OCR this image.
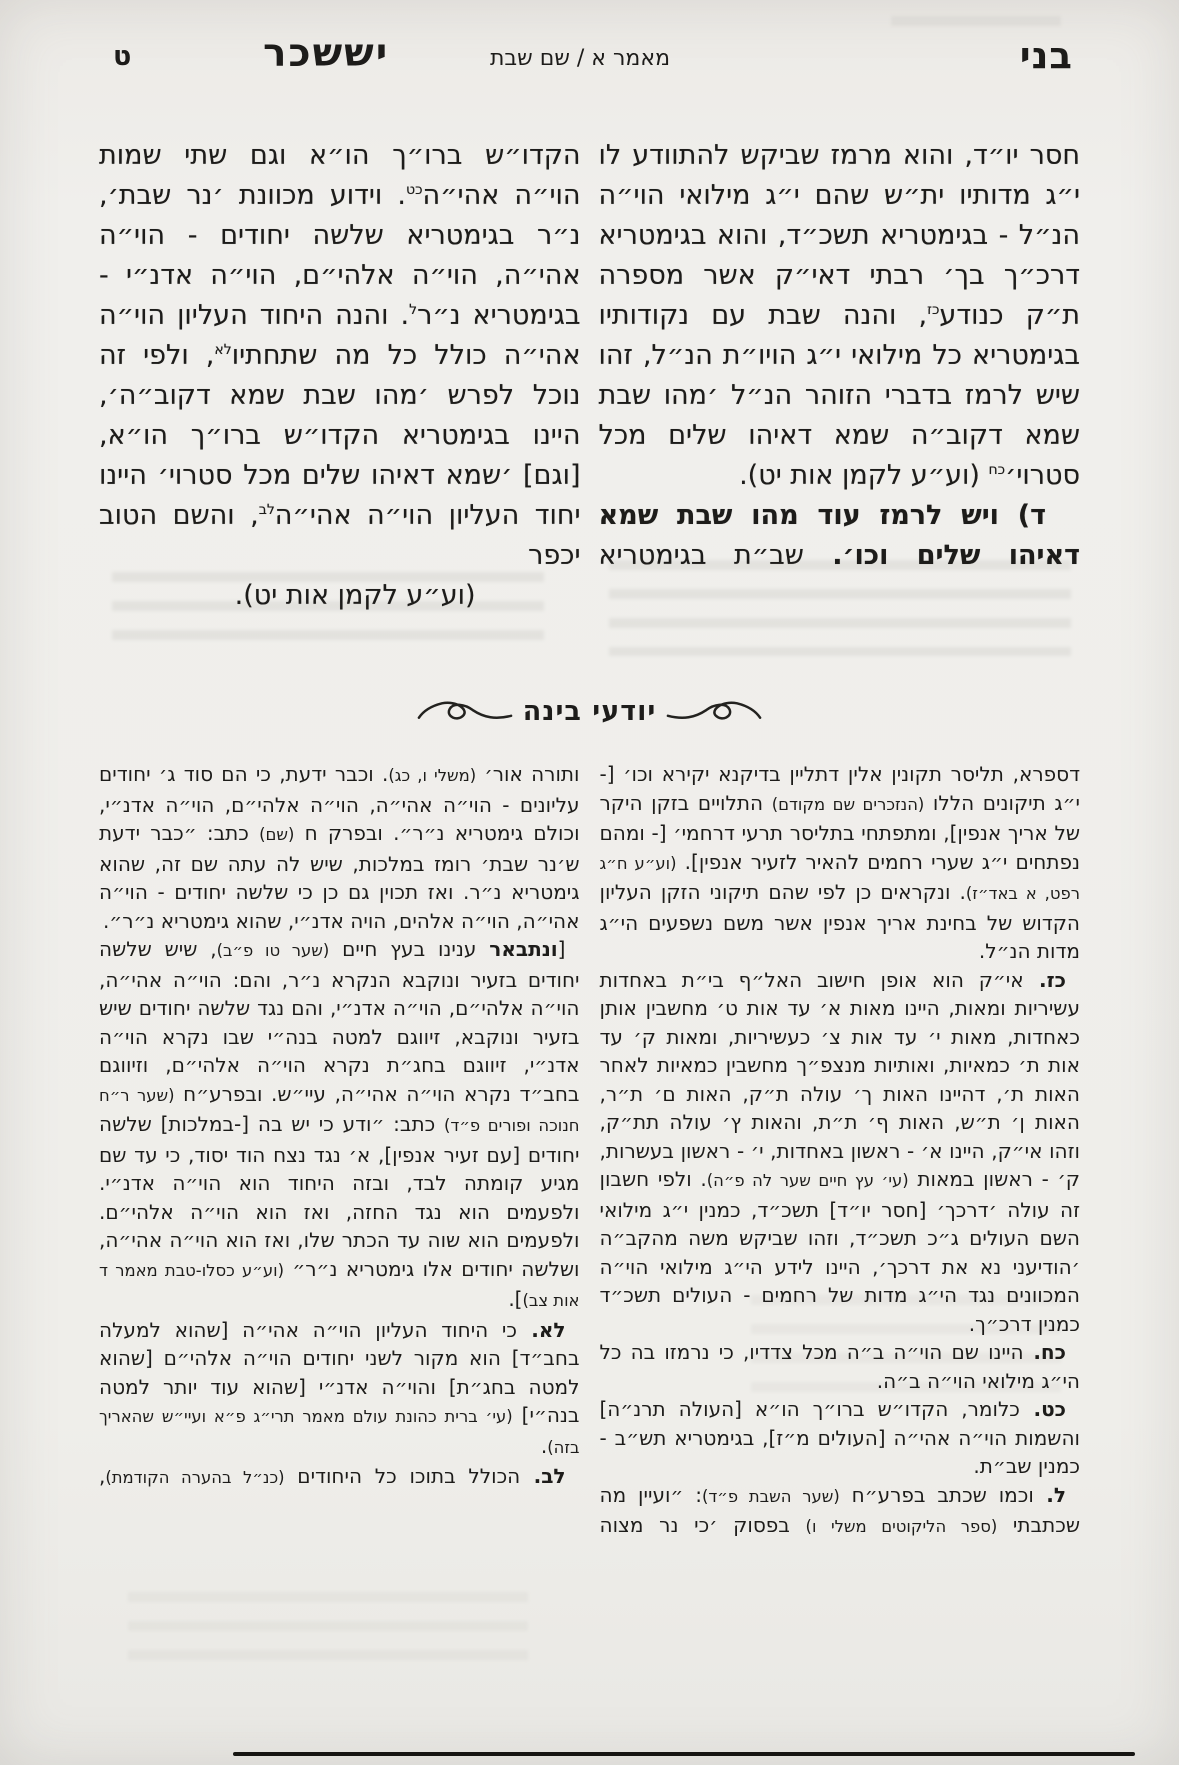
בני
מאמר א / שם שבת
יששכר
ט

חסר יו״ד, והוא מרמז שביקש להתוודע לו י״ג מדותיו ית״ש שהם י״ג מילואי הוי״ה הנ״ל - בגימטריא תשכ״ד, והוא בגימטריא דרכ״ך בך׳ רבתי דאי״ק אשר מספרה ת״ק כנודע$^{כז}$, והנה שבת עם נקודותיו בגימטריא כל מילואי י״ג הויו״ת הנ״ל, זהו שיש לרמז בדברי הזוהר הנ״ל ׳מהו שבת שמא דקוב״ה שמא דאיהו שלים מכל סטרוי׳$^{כח}$ (וע״ע לקמן אות יט).

ד) ויש לרמז עוד מהו שבת שמא דאיהו שלים וכו׳. שב״ת בגימטריא

הקדו״ש ברו״ך הו״א וגם שתי שמות הוי״ה אהי״ה$^{כט}$. וידוע מכוונת ׳נר שבת׳, נ״ר בגימטריא שלשה יחודים - הוי״ה אהי״ה, הוי״ה אלהי״ם, הוי״ה אדנ״י - בגימטריא נ״ר$^ל$. והנה היחוד העליון הוי״ה אהי״ה כולל כל מה שתחתיו$^{לא}$, ולפי זה נוכל לפרש ׳מהו שבת שמא דקוב״ה׳, היינו בגימטריא הקדו״ש ברו״ך הו״א, [וגם] ׳שמא דאיהו שלים מכל סטרוי׳ היינו יחוד העליון הוי״ה אהי״ה$^{לב}$, והשם הטוב יכפר

(וע״ע לקמן אות יט).

יודעי בינה

דספרא, תליסר תקונין אלין דתליין בדיקנא יקירא וכו׳ [- י״ג תיקונים הללו (הנזכרים שם מקודם) התלויים בזקן היקר של אריך אנפין], ומתפתחי בתליסר תרעי דרחמי׳ [- ומהם נפתחים י״ג שערי רחמים להאיר לזעיר אנפין]. (וע״ע ח״ג רפט, א באד״ז). ונקראים כן לפי שהם תיקוני הזקן העליון הקדוש של בחינת אריך אנפין אשר משם נשפעים הי״ג מדות הנ״ל.

כז. אי״ק הוא אופן חישוב האל״ף בי״ת באחדות עשיריות ומאות, היינו מאות א׳ עד אות ט׳ מחשבין אותן כאחדות, מאות י׳ עד אות צ׳ כעשיריות, ומאות ק׳ עד אות ת׳ כמאיות, ואותיות מנצפ״ך מחשבין כמאיות לאחר האות ת׳, דהיינו האות ך׳ עולה ת״ק, האות ם׳ ת״ר, האות ן׳ ת״ש, האות ף׳ ת״ת, והאות ץ׳ עולה תת״ק, וזהו אי״ק, היינו א׳ - ראשון באחדות, י׳ - ראשון בעשרות, ק׳ - ראשון במאות (עי׳ עץ חיים שער לה פ״ה). ולפי חשבון זה עולה ׳דרכך׳ [חסר יו״ד] תשכ״ד, כמנין י״ג מילואי השם העולים ג״כ תשכ״ד, וזהו שביקש משה מהקב״ה ׳הודיעני נא את דרכך׳, היינו לידע הי״ג מילואי הוי״ה המכוונים נגד הי״ג מדות של רחמים - העולים תשכ״ד כמנין דרכ״ך.

כח. היינו שם הוי״ה ב״ה מכל צדדיו, כי נרמזו בה כל הי״ג מילואי הוי״ה ב״ה.

כט. כלומר, הקדו״ש ברו״ך הו״א [העולה תרנ״ה] והשמות הוי״ה אהי״ה [העולים מ״ז], בגימטריא תש״ב - כמנין שב״ת.

ל. וכמו שכתב בפרע״ח (שער השבת פ״ד): ״ועיין מה שכתבתי (ספר הליקוטים משלי ו) בפסוק ׳כי נר מצוה

ותורה אור׳ (משלי ו, כג). וכבר ידעת, כי הם סוד ג׳ יחודים עליונים - הוי״ה אהי״ה, הוי״ה אלהי״ם, הוי״ה אדנ״י, וכולם גימטריא נ״ר״. ובפרק ח (שם) כתב: ״כבר ידעת ש׳נר שבת׳ רומז במלכות, שיש לה עתה שם זה, שהוא גימטריא נ״ר. ואז תכוין גם כן כי שלשה יחודים - הוי״ה אהי״ה, הוי״ה אלהים, הויה אדנ״י, שהוא גימטריא נ״ר״.

[ונתבאר ענינו בעץ חיים (שער טו פ״ב), שיש שלשה יחודים בזעיר ונוקבא הנקרא נ״ר, והם: הוי״ה אהי״ה, הוי״ה אלהי״ם, הוי״ה אדנ״י, והם נגד שלשה יחודים שיש בזעיר ונוקבא, זיווגם למטה בנה״י שבו נקרא הוי״ה אדנ״י, זיווגם בחג״ת נקרא הוי״ה אלהי״ם, וזיווגם בחב״ד נקרא הוי״ה אהי״ה, עיי״ש. ובפרע״ח (שער ר״ח חנוכה ופורים פ״ד) כתב: ״ודע כי יש בה [-במלכות] שלשה יחודים [עם זעיר אנפין], א׳ נגד נצח הוד יסוד, כי עד שם מגיע קומתה לבד, ובזה היחוד הוא הוי״ה אדנ״י. ולפעמים הוא נגד החזה, ואז הוא הוי״ה אלהי״ם. ולפעמים הוא שוה עד הכתר שלו, ואז הוא הוי״ה אהי״ה, ושלשה יחודים אלו גימטריא נ״ר״ (וע״ע כסלו-טבת מאמר ד אות צב)].

לא. כי היחוד העליון הוי״ה אהי״ה [שהוא למעלה בחב״ד] הוא מקור לשני יחודים הוי״ה אלהי״ם [שהוא למטה בחג״ת] והוי״ה אדנ״י [שהוא עוד יותר למטה בנה״י] (עי׳ ברית כהונת עולם מאמר תרי״ג פ״א ועיי״ש שהאריך בזה).

לב. הכולל בתוכו כל היחודים (כנ״ל בהערה הקודמת),
